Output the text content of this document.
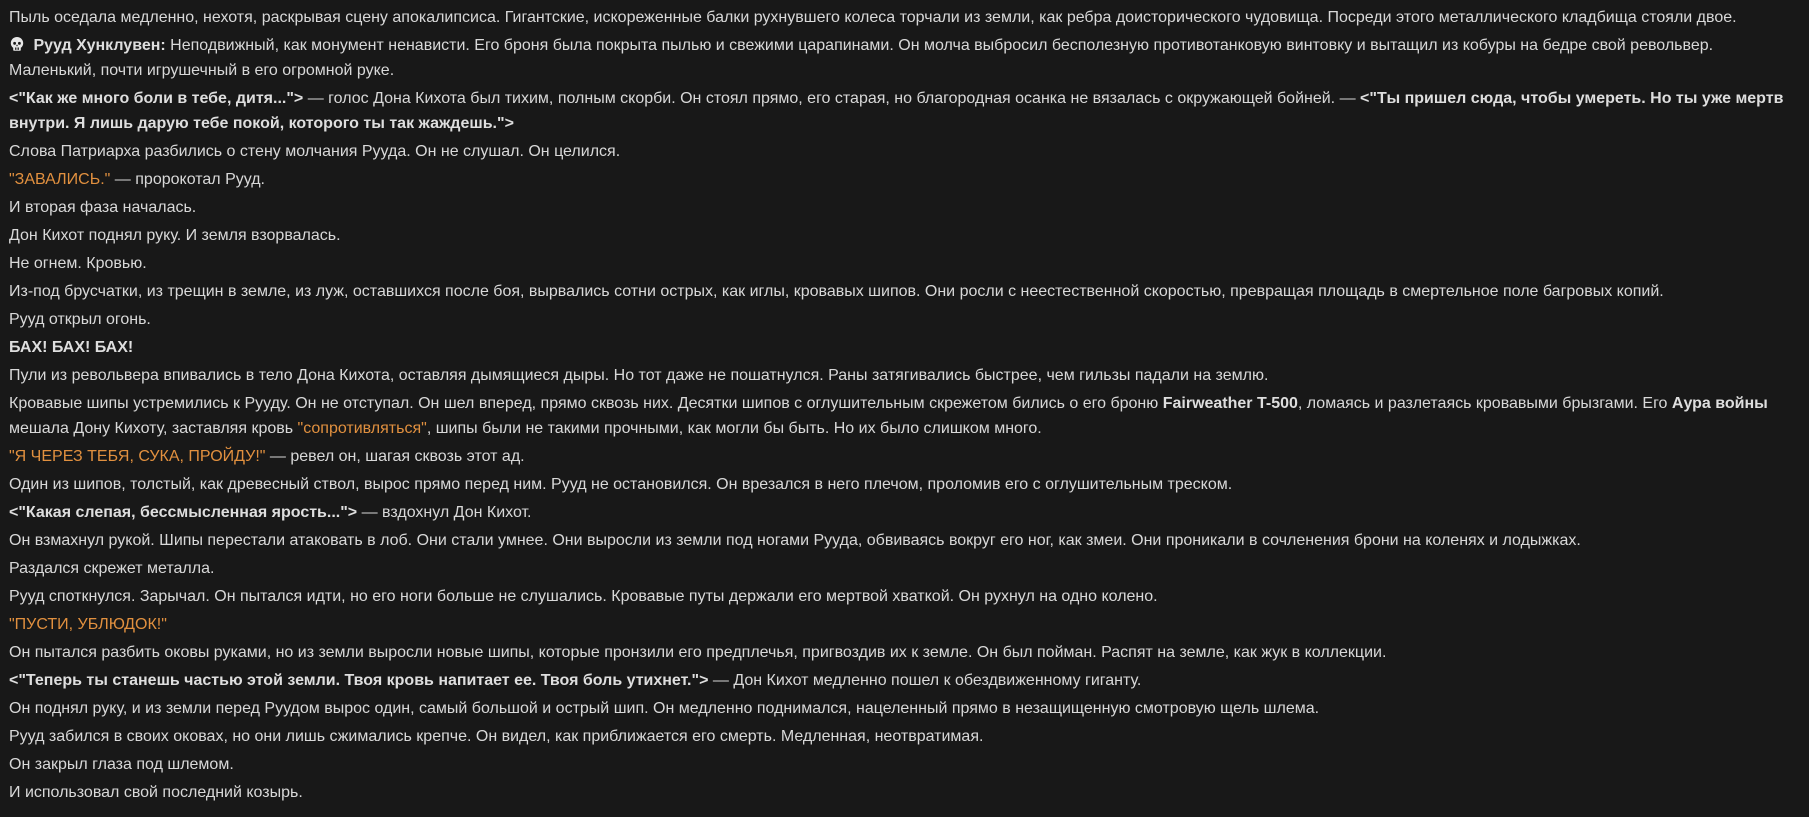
Пыль оседала медленно, нехотя, раскрывая сцену апокалипсиса. Гигантские, искореженные балки рухнувшего колеса торчали из земли, как ребра доисторического чудовища. Посреди этого металлического кладбища стояли двое.

Рууд Хунклувен: Неподвижный, как монумент ненависти. Его броня была покрыта пылью и свежими царапинами. Он молча выбросил бесполезную противотанковую винтовку и вытащил из кобуры на бедре свой револьвер. Маленький, почти игрушечный в его огромной руке.

<"Как же много боли в тебе, дитя..."> — голос Дона Кихота был тихим, полным скорби. Он стоял прямо, его старая, но благородная осанка не вязалась с окружающей бойней. — <"Ты пришел сюда, чтобы умереть. Но ты уже мертв внутри. Я лишь дарую тебе покой, которого ты так жаждешь.">

Слова Патриарха разбились о стену молчания Рууда. Он не слушал. Он целился.

"ЗАВАЛИСЬ." — пророкотал Рууд.

И вторая фаза началась.

Дон Кихот поднял руку. И земля взорвалась.

Не огнем. Кровью.

Из-под брусчатки, из трещин в земле, из луж, оставшихся после боя, вырвались сотни острых, как иглы, кровавых шипов. Они росли с неестественной скоростью, превращая площадь в смертельное поле багровых копий.

Рууд открыл огонь.

БАХ! БАХ! БАХ!

Пули из револьвера впивались в тело Дона Кихота, оставляя дымящиеся дыры. Но тот даже не пошатнулся. Раны затягивались быстрее, чем гильзы падали на землю.

Кровавые шипы устремились к Рууду. Он не отступал. Он шел вперед, прямо сквозь них. Десятки шипов с оглушительным скрежетом бились о его броню Fairweather T-500, ломаясь и разлетаясь кровавыми брызгами. Его Аура войны мешала Дону Кихоту, заставляя кровь "сопротивляться", шипы были не такими прочными, как могли бы быть. Но их было слишком много.

"Я ЧЕРЕЗ ТЕБЯ, СУКА, ПРОЙДУ!" — ревел он, шагая сквозь этот ад.

Один из шипов, толстый, как древесный ствол, вырос прямо перед ним. Рууд не остановился. Он врезался в него плечом, проломив его с оглушительным треском.

<"Какая слепая, бессмысленная ярость..."> — вздохнул Дон Кихот.

Он взмахнул рукой. Шипы перестали атаковать в лоб. Они стали умнее. Они выросли из земли под ногами Рууда, обвиваясь вокруг его ног, как змеи. Они проникали в сочленения брони на коленях и лодыжках.

Раздался скрежет металла.

Рууд споткнулся. Зарычал. Он пытался идти, но его ноги больше не слушались. Кровавые путы держали его мертвой хваткой. Он рухнул на одно колено.

"ПУСТИ, УБЛЮДОК!"

Он пытался разбить оковы руками, но из земли выросли новые шипы, которые пронзили его предплечья, пригвоздив их к земле. Он был пойман. Распят на земле, как жук в коллекции.

<"Теперь ты станешь частью этой земли. Твоя кровь напитает ее. Твоя боль утихнет."> — Дон Кихот медленно пошел к обездвиженному гиганту.

Он поднял руку, и из земли перед Руудом вырос один, самый большой и острый шип. Он медленно поднимался, нацеленный прямо в незащищенную смотровую щель шлема.

Рууд забился в своих оковах, но они лишь сжимались крепче. Он видел, как приближается его смерть. Медленная, неотвратимая.

Он закрыл глаза под шлемом.

И использовал свой последний козырь.
